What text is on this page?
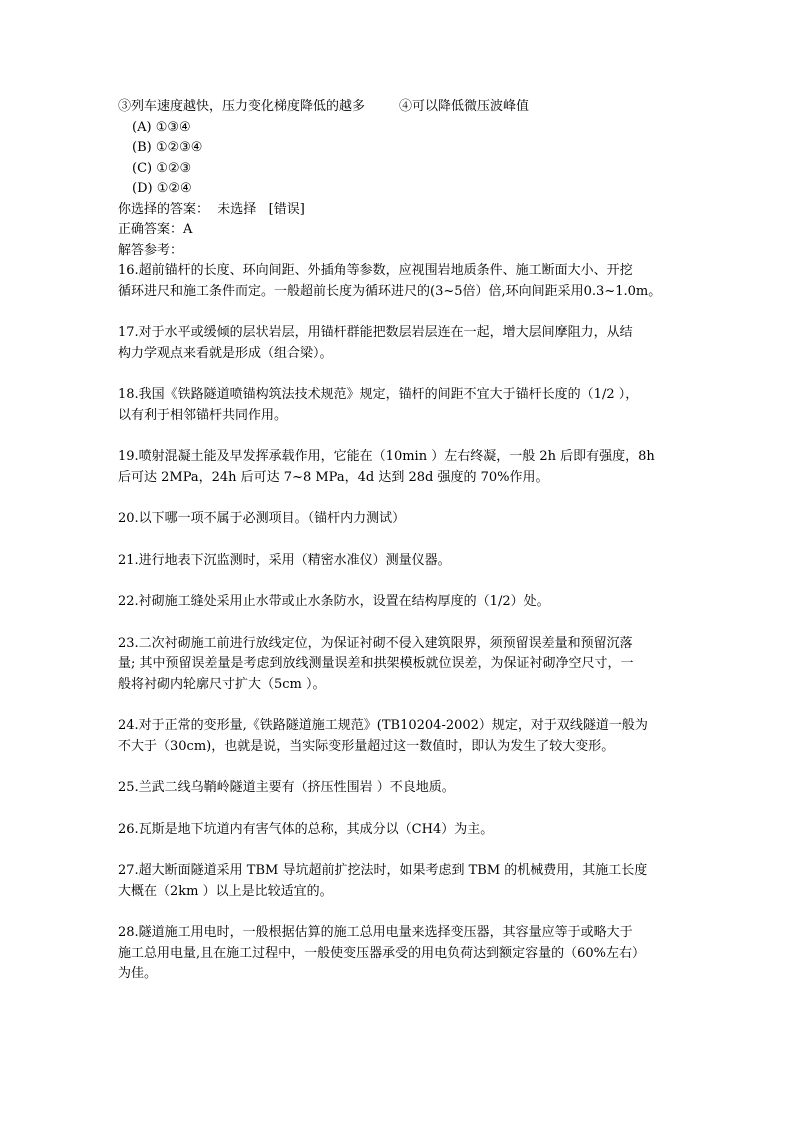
③列车速度越快，压力变化梯度降低的越多	④可以降低微压波峰值
(A) ①③④
(B) ①②③④
(C) ①②③
(D) ①②④
你选择的答案：  未选择   [错误]
正确答案：A
解答参考：
16.超前锚杆的长度、环向间距、外插角等参数，应视围岩地质条件、施工断面大小、开挖
循环进尺和施工条件而定。一般超前长度为循环进尺的(3~5倍）倍,环向间距采用0.3~1.0m。
17.对于水平或缓倾的层状岩层，用锚杆群能把数层岩层连在一起，增大层间摩阻力，从结
构力学观点来看就是形成（组合梁）。
18.我国《铁路隧道喷锚构筑法技术规范》规定，锚杆的间距不宜大于锚杆长度的（1/2 ），
以有利于相邻锚杆共同作用。
19.喷射混凝土能及早发挥承载作用，它能在（10min ）左右终凝，一般 2h 后即有强度，8h
后可达 2MPa，24h 后可达 7~8 MPa，4d 达到 28d 强度的 70%作用。
20.以下哪一项不属于必测项目。（锚杆内力测试）
21.进行地表下沉监测时，采用（精密水准仪）测量仪器。
22.衬砌施工缝处采用止水带或止水条防水，设置在结构厚度的（1/2）处。
23.二次衬砌施工前进行放线定位，为保证衬砌不侵入建筑限界，须预留误差量和预留沉落
量; 其中预留误差量是考虑到放线测量误差和拱架模板就位误差，为保证衬砌净空尺寸，一
般将衬砌内轮廓尺寸扩大（5cm ）。
24.对于正常的变形量,《铁路隧道施工规范》(TB10204-2002）规定，对于双线隧道一般为
不大于（30cm)，也就是说，当实际变形量超过这一数值时，即认为发生了较大变形。
25.兰武二线乌鞘岭隧道主要有（挤压性围岩 ）不良地质。
26.瓦斯是地下坑道内有害气体的总称，其成分以（CH4）为主。
27.超大断面隧道采用 TBM 导坑超前扩挖法时，如果考虑到 TBM 的机械费用，其施工长度
大概在（2km ）以上是比较适宜的。
28.隧道施工用电时，一般根据估算的施工总用电量来选择变压器，其容量应等于或略大于
施工总用电量,且在施工过程中，一般使变压器承受的用电负荷达到额定容量的（60%左右）
为佳。
